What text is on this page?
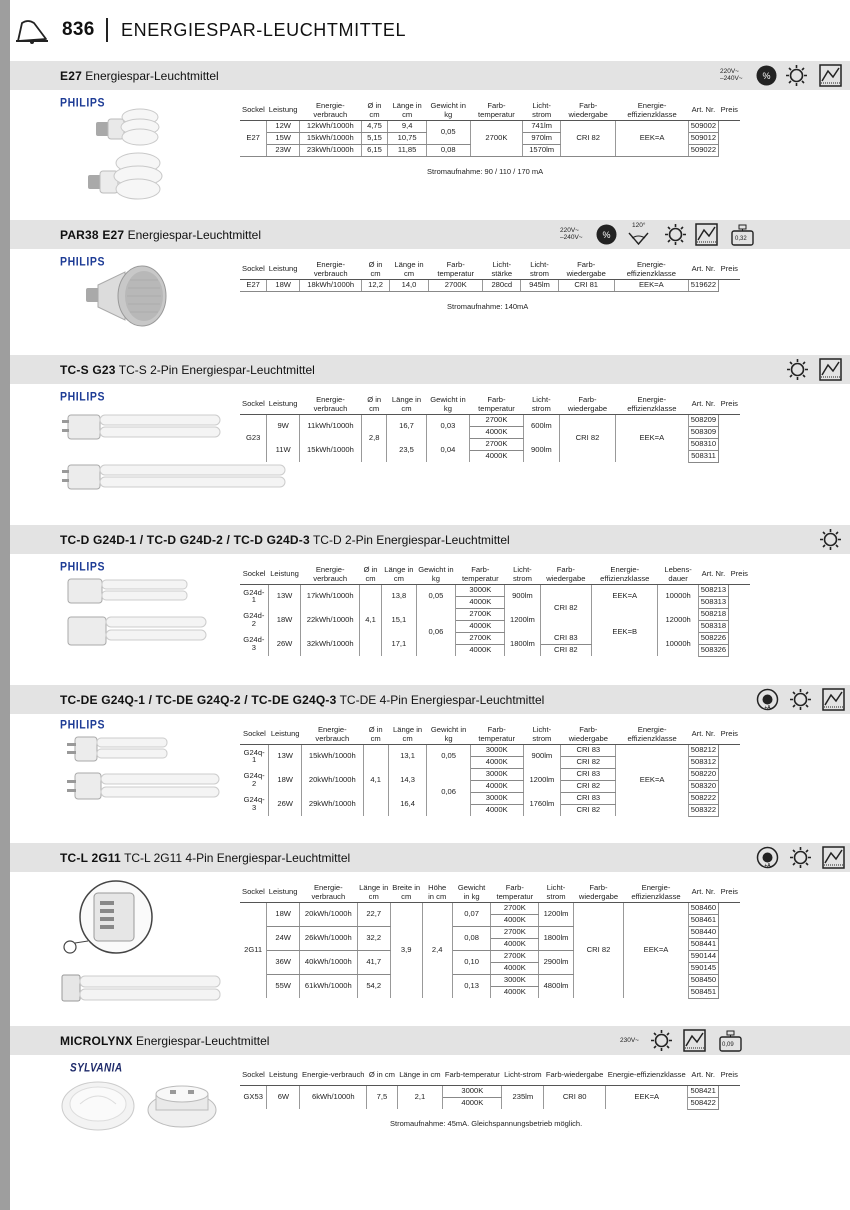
836 ENERGIESPAR-LEUCHTMITTEL
E27 Energiespar-Leuchtmittel	220V~
–240V~ %
PHILIPS	Sockel	Leistung	Energie-verbrauch	Ø in cm	Länge in cm	Gewicht in kg	Farb-temperatur	Licht-strom	Farb-wiedergabe	Energie-effizienzklasse	Art. Nr.	Preis
E27	12W	12kWh/1000h	4,75	9,4	0,05	2700K	741lm	CRI 82	EEK=A	509002	
	15W	15kWh/1000h	5,15	10,75			970lm			509012	
	23W	23kWh/1000h	6,15	11,85	0,08		1570lm			509022	
Stromaufnahme: 90 / 110 / 170 mA
PAR38 E27 Energiespar-Leuchtmittel	220V~
–240V~ %
120°
0,32
PHILIPS	Sockel	Leistung	Energie-verbrauch	Ø in cm	Länge in cm	Farb-temperatur	Licht-stärke	Licht-strom	Farb-wiedergabe	Energie-effizienzklasse	Art. Nr.	Preis
E27	18W	18kWh/1000h	12,2	14,0	2700K	280cd	945lm	CRI 81	EEK=A	519622	
Stromaufnahme: 140mA
TC-S G23 TC-S 2-Pin Energiespar-Leuchtmittel
PHILIPS	Sockel	Leistung	Energie-verbrauch	Ø in cm	Länge in cm	Gewicht in kg	Farb-temperatur	Licht-strom	Farb-wiedergabe	Energie-effizienzklasse	Art. Nr.	Preis
G23	9W	11kWh/1000h	2,8	16,7	0,03	2700K	600lm	CRI 82	EEK=A	508209	
						4000K				508309	
	11W	15kWh/1000h		23,5	0,04	2700K	900lm			508310	
						4000K				508311	
TC-D G24D-1 / TC-D G24D-2 / TC-D G24D-3 TC-D 2-Pin Energiespar-Leuchtmittel
PHILIPS	Sockel	Leistung	Energie-verbrauch	Ø in cm	Länge in cm	Gewicht in kg	Farb-temperatur	Licht-strom	Farb-wiedergabe	Energie-effizienzklasse	Lebens-dauer	Art. Nr.	Preis
G24d-1	13W	17kWh/1000h	4,1	13,8	0,05	3000K	900lm	CRI 82	EEK=A	10000h	508213	
						4000K					508313	
G24d-2	18W	22kWh/1000h		15,1	0,06	2700K	1200lm		EEK=B	12000h	508218	
						4000K					508318	
G24d-3	26W	32kWh/1000h		17,1		2700K	1800lm	CRI 83		10000h	508226	
						4000K		CRI 82			508326	
TC-DE G24Q-1 / TC-DE G24Q-2 / TC-DE G24Q-3 TC-DE 4-Pin Energiespar-Leuchtmittel
+A
PHILIPS
Sockel	Leistung	Energie-verbrauch	Ø in cm	Länge in cm	Gewicht in kg	Farb-temperatur	Licht-strom	Farb-wiedergabe	Energie-effizienzklasse	Art. Nr.	Preis
G24q-1	13W	15kWh/1000h	4,1	13,1	0,05	3000K	900lm	CRI 83	EEK=A	508212	
						4000K		CRI 82		508312	
G24q-2	18W	20kWh/1000h		14,3	0,06	3000K	1200lm	CRI 83		508220	
						4000K		CRI 82		508320	
G24q-3	26W	29kWh/1000h		16,4		3000K	1760lm	CRI 83		508222	
						4000K		CRI 82		508322	
TC-L 2G11 TC-L 2G11 4-Pin Energiespar-Leuchtmittel
+A
Sockel	Leistung	Energie-verbrauch	Länge in cm	Breite in cm	Höhe in cm	Gewicht in kg	Farb-temperatur	Licht-strom	Farb-wiedergabe	Energie-effizienzklasse	Art. Nr.	Preis
2G11	18W	20kWh/1000h	22,7	3,9	2,4	0,07	2700K	1200lm	CRI 82	EEK=A	508460	
							4000K				508461	
	24W	26kWh/1000h	32,2			0,08	2700K	1800lm			508440	
							4000K				508441	
	36W	40kWh/1000h	41,7			0,10	2700K	2900lm			590144	
							4000K				590145	
	55W	61kWh/1000h	54,2			0,13	3000K	4800lm			508450	
							4000K				508451	
MICROLYNX Energiespar-Leuchtmittel	230V~
0,09
SYLVANIA	Sockel	Leistung	Energie-verbrauch	Ø in cm	Länge in cm	Farb-temperatur	Licht-strom	Farb-wiedergabe	Energie-effizienzklasse	Art. Nr.	Preis
GX53	6W	6kWh/1000h	7,5	2,1	3000K	235lm	CRI 80	EEK=A	508421	
					4000K				508422	
Stromaufnahme: 45mA. Gleichspannungsbetrieb möglich.
